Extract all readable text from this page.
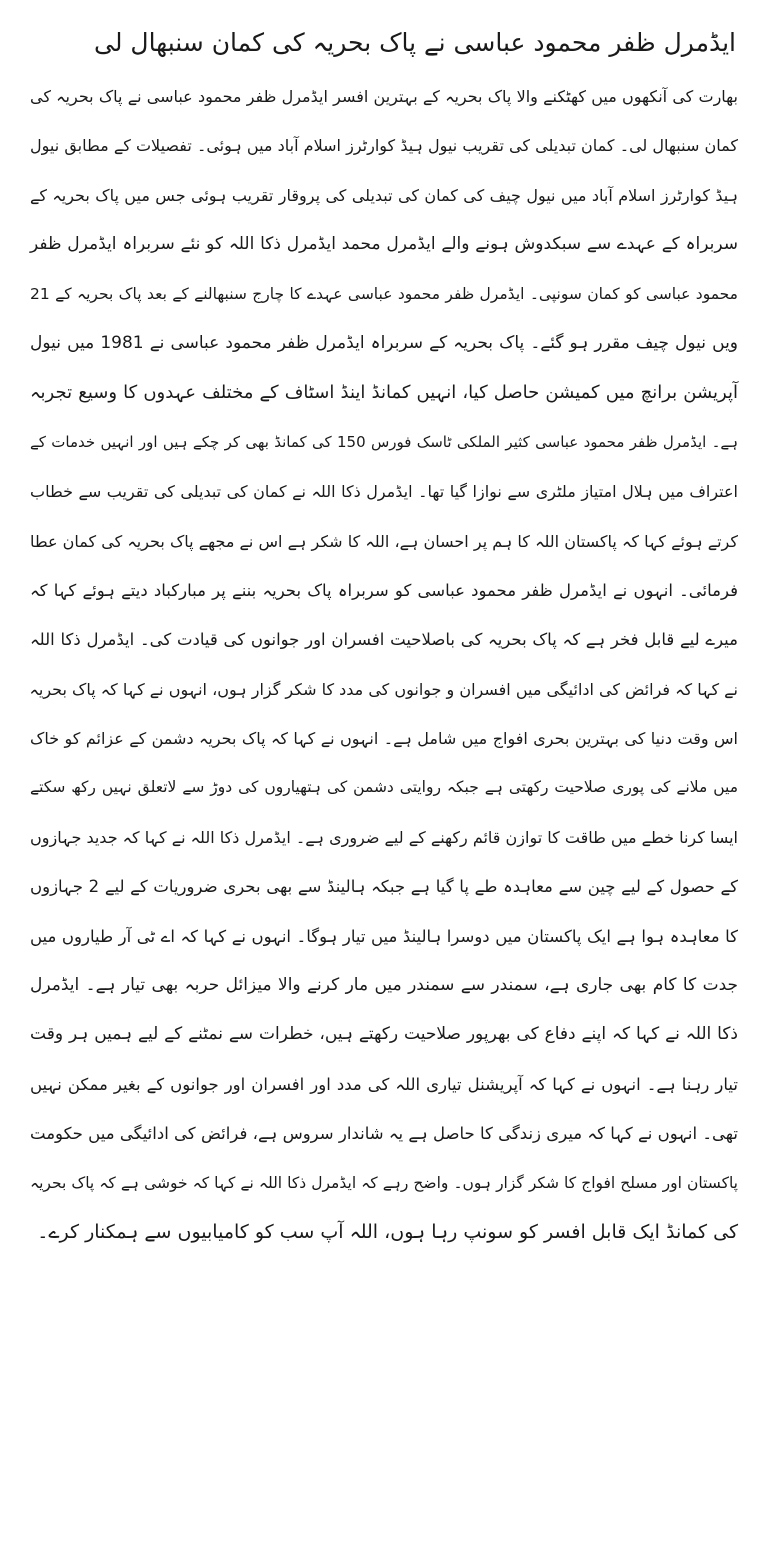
ایڈمرل ظفر محمود عباسی نے پاک بحریہ کی کمان سنبھال لی
بھارت کی آنکھوں میں کھٹکنے والا پاک بحریہ کے بہترین افسر ایڈمرل ظفر محمود عباسی نے پاک بحریہ کی
کمان سنبھال لی۔ کمان تبدیلی کی تقریب نیول ہیڈ کوارٹرز اسلام آباد میں ہوئی۔ تفصیلات کے مطابق نیول
ہیڈ کوارٹرز اسلام آباد میں نیول چیف کی کمان کی تبدیلی کی پروقار تقریب ہوئی جس میں پاک بحریہ کے
سربراہ کے عہدے سے سبکدوش ہونے والے ایڈمرل محمد ایڈمرل ذکا اللہ کو نئے سربراہ ایڈمرل ظفر
محمود عباسی کو کمان سونپی۔ ایڈمرل ظفر محمود عباسی عہدے کا چارج سنبھالنے کے بعد پاک بحریہ کے 21
ویں نیول چیف مقرر ہو گئے۔ پاک بحریہ کے سربراہ ایڈمرل ظفر محمود عباسی نے 1981 میں نیول
آپریشن برانچ میں کمیشن حاصل کیا، انہیں کمانڈ اینڈ اسٹاف کے مختلف عہدوں کا وسیع تجربہ
ہے۔ ایڈمرل ظفر محمود عباسی کثیر الملکی ٹاسک فورس 150 کی کمانڈ بھی کر چکے ہیں اور انہیں خدمات کے
اعتراف میں ہلال امتیاز ملٹری سے نوازا گیا تھا۔ ایڈمرل ذکا اللہ نے کمان کی تبدیلی کی تقریب سے خطاب
کرتے ہوئے کہا کہ پاکستان اللہ کا ہم پر احسان ہے، اللہ کا شکر ہے اس نے مجھے پاک بحریہ کی کمان عطا
فرمائی۔ انہوں نے ایڈمرل ظفر محمود عباسی کو سربراہ پاک بحریہ بننے پر مبارکباد دیتے ہوئے کہا کہ
میرے لیے قابل فخر ہے کہ پاک بحریہ کی باصلاحیت افسران اور جوانوں کی قیادت کی۔ ایڈمرل ذکا اللہ
نے کہا کہ فرائض کی ادائیگی میں افسران و جوانوں کی مدد کا شکر گزار ہوں، انہوں نے کہا کہ پاک بحریہ
اس وقت دنیا کی بہترین بحری افواج میں شامل ہے۔ انہوں نے کہا کہ پاک بحریہ دشمن کے عزائم کو خاک
میں ملانے کی پوری صلاحیت رکھتی ہے جبکہ روایتی دشمن کی ہتھیاروں کی دوڑ سے لاتعلق نہیں رکھ سکتے
ایسا کرنا خطے میں طاقت کا توازن قائم رکھنے کے لیے ضروری ہے۔ ایڈمرل ذکا اللہ نے کہا کہ جدید جہازوں
کے حصول کے لیے چین سے معاہدہ طے پا گیا ہے جبکہ ہالینڈ سے بھی بحری ضروریات کے لیے 2 جہازوں
کا معاہدہ ہوا ہے ایک پاکستان میں دوسرا ہالینڈ میں تیار ہوگا۔ انہوں نے کہا کہ اے ٹی آر طیاروں میں
جدت کا کام بھی جاری ہے، سمندر سے سمندر میں مار کرنے والا میزائل حربہ بھی تیار ہے۔ ایڈمرل
ذکا اللہ نے کہا کہ اپنے دفاع کی بھرپور صلاحیت رکھتے ہیں، خطرات سے نمٹنے کے لیے ہمیں ہر وقت
تیار رہنا ہے۔ انہوں نے کہا کہ آپریشنل تیاری اللہ کی مدد اور افسران اور جوانوں کے بغیر ممکن نہیں
تھی۔ انہوں نے کہا کہ میری زندگی کا حاصل ہے یہ شاندار سروس ہے، فرائض کی ادائیگی میں حکومت
پاکستان اور مسلح افواج کا شکر گزار ہوں۔ واضح رہے کہ ایڈمرل ذکا اللہ نے کہا کہ خوشی ہے کہ پاک بحریہ
کی کمانڈ ایک قابل افسر کو سونپ رہا ہوں، اللہ آپ سب کو کامیابیوں سے ہمکنار کرے۔
